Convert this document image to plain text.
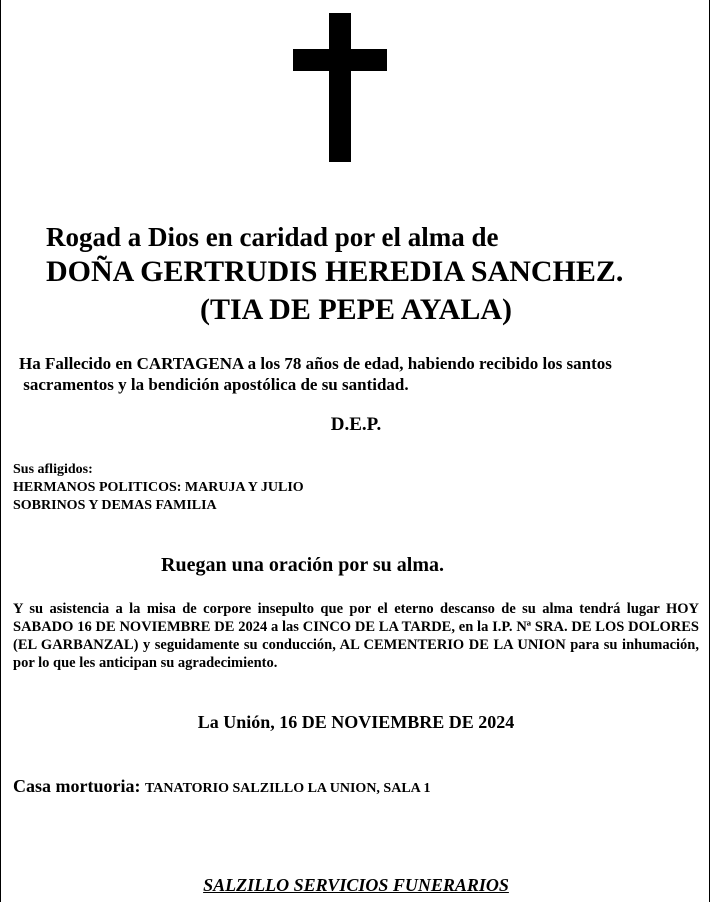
Rogad a Dios en caridad por el alma de
DOÑA GERTRUDIS HEREDIA SANCHEZ.
(TIA DE PEPE AYALA)
Ha Fallecido en CARTAGENA a los 78 años de edad, habiendo recibido los santos
sacramentos y la bendición apostólica de su santidad.
D.E.P.
Sus afligidos:
HERMANOS POLITICOS: MARUJA Y JULIO
SOBRINOS Y DEMAS FAMILIA
Ruegan una oración por su alma.
Y su asistencia a la misa de corpore insepulto que por el eterno descanso de su alma tendrá lugar HOY SABADO 16 DE NOVIEMBRE DE 2024 a las CINCO DE LA TARDE, en la I.P. Nª SRA. DE LOS DOLORES (EL GARBANZAL) y seguidamente su conducción, AL CEMENTERIO DE LA UNION para su inhumación, por lo que les anticipan su agradecimiento.
La Unión, 16 DE NOVIEMBRE DE 2024
Casa mortuoria: TANATORIO SALZILLO LA UNION, SALA 1
SALZILLO SERVICIOS FUNERARIOS
